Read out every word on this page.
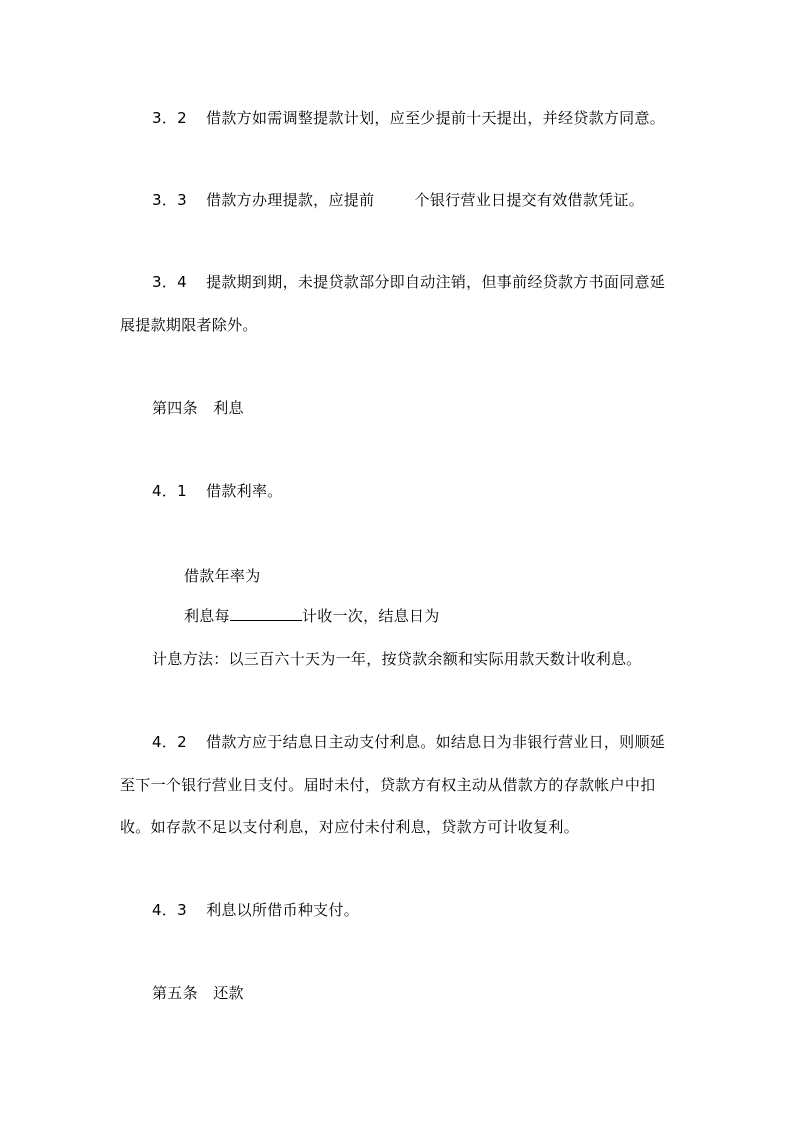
3．2 借款方如需调整提款计划，应至少提前十天提出，并经贷款方同意。
3．3 借款方办理提款，应提前	个银行营业日提交有效借款凭证。
3．4 提款期到期，未提贷款部分即自动注销，但事前经贷款方书面同意延
展提款期限者除外。
第四条　利息
4．1 借款利率。
借款年率为
利息每	计收一次，结息日为
计息方法：以三百六十天为一年，按贷款余额和实际用款天数计收利息。
4．2 借款方应于结息日主动支付利息。如结息日为非银行营业日，则顺延
至下一个银行营业日支付。届时未付，贷款方有权主动从借款方的存款帐户中扣
收。如存款不足以支付利息，对应付未付利息，贷款方可计收复利。
4．3 利息以所借币种支付。
第五条　还款
